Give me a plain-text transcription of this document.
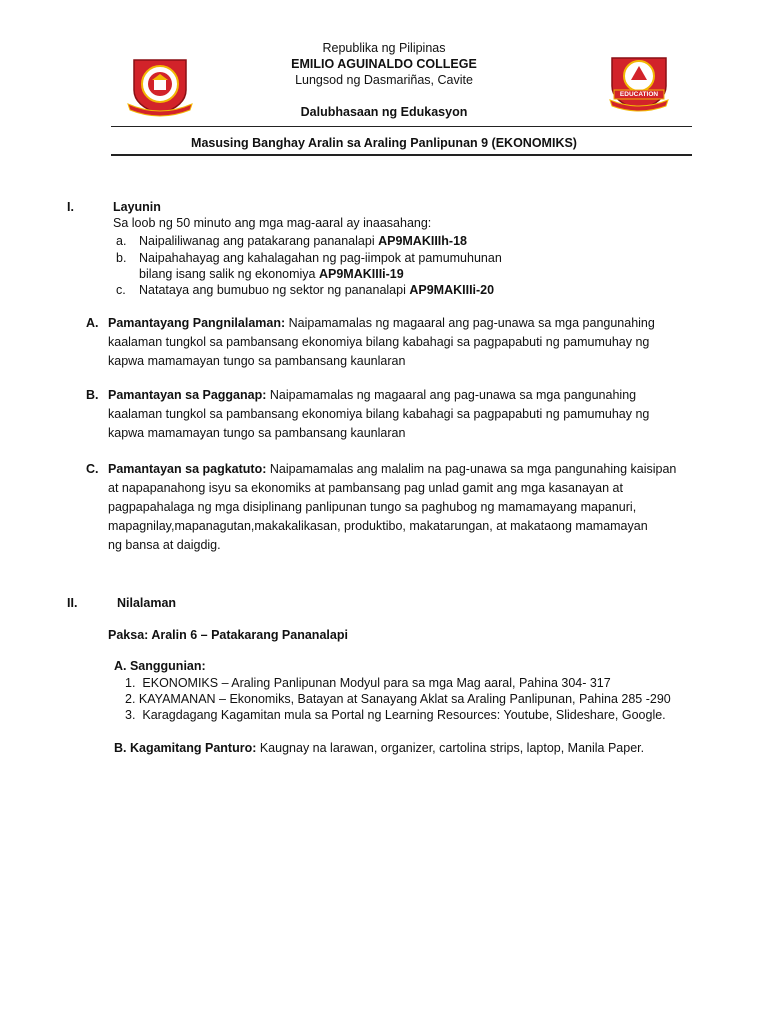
EDUCATION
Republika ng Pilipinas
EMILIO AGUINALDO COLLEGE
Lungsod ng Dasmariñas, Cavite
Dalubhasaan ng Edukasyon
Masusing Banghay Aralin sa Araling Panlipunan 9 (EKONOMIKS)
I.	Layunin
Sa loob ng 50 minuto ang mga mag-aaral ay inaasahang:
a. Naipaliliwanag ang patakarang pananalapi AP9MAKIIIh-18
b. Naipahahayag ang kahalagahan ng pag-iimpok at pamumuhunan
bilang isang salik ng ekonomiya AP9MAKIIIi-19
c. Natataya ang bumubuo ng sektor ng pananalapi AP9MAKIIIi-20
A. Pamantayang Pangnilalaman: Naipamamalas ng magaaral ang pag-unawa sa mga pangunahing
kaalaman tungkol sa pambansang ekonomiya bilang kabahagi sa pagpapabuti ng pamumuhay ng
kapwa mamamayan tungo sa pambansang kaunlaran
B. Pamantayan sa Pagganap: Naipamamalas ng magaaral ang pag-unawa sa mga pangunahing
kaalaman tungkol sa pambansang ekonomiya bilang kabahagi sa pagpapabuti ng pamumuhay ng
kapwa mamamayan tungo sa pambansang kaunlaran
C. Pamantayan sa pagkatuto: Naipamamalas ang malalim na pag-unawa sa mga pangunahing kaisipan
at napapanahong isyu sa ekonomiks at pambansang pag unlad gamit ang mga kasanayan at
pagpapahalaga ng mga disiplinang panlipunan tungo sa paghubog ng mamamayang mapanuri,
mapagnilay,mapanagutan,makakalikasan, produktibo, makatarungan, at makataong mamamayan
ng bansa at daigdig.
II.	Nilalaman
Paksa: Aralin 6 – Patakarang Pananalapi
A. Sanggunian:
1. EKONOMIKS – Araling Panlipunan Modyul para sa mga Mag aaral, Pahina 304- 317
2. KAYAMANAN – Ekonomiks, Batayan at Sanayang Aklat sa Araling Panlipunan, Pahina 285 -290
3. Karagdagang Kagamitan mula sa Portal ng Learning Resources: Youtube, Slideshare, Google.
B. Kagamitang Panturo: Kaugnay na larawan, organizer, cartolina strips, laptop, Manila Paper.
